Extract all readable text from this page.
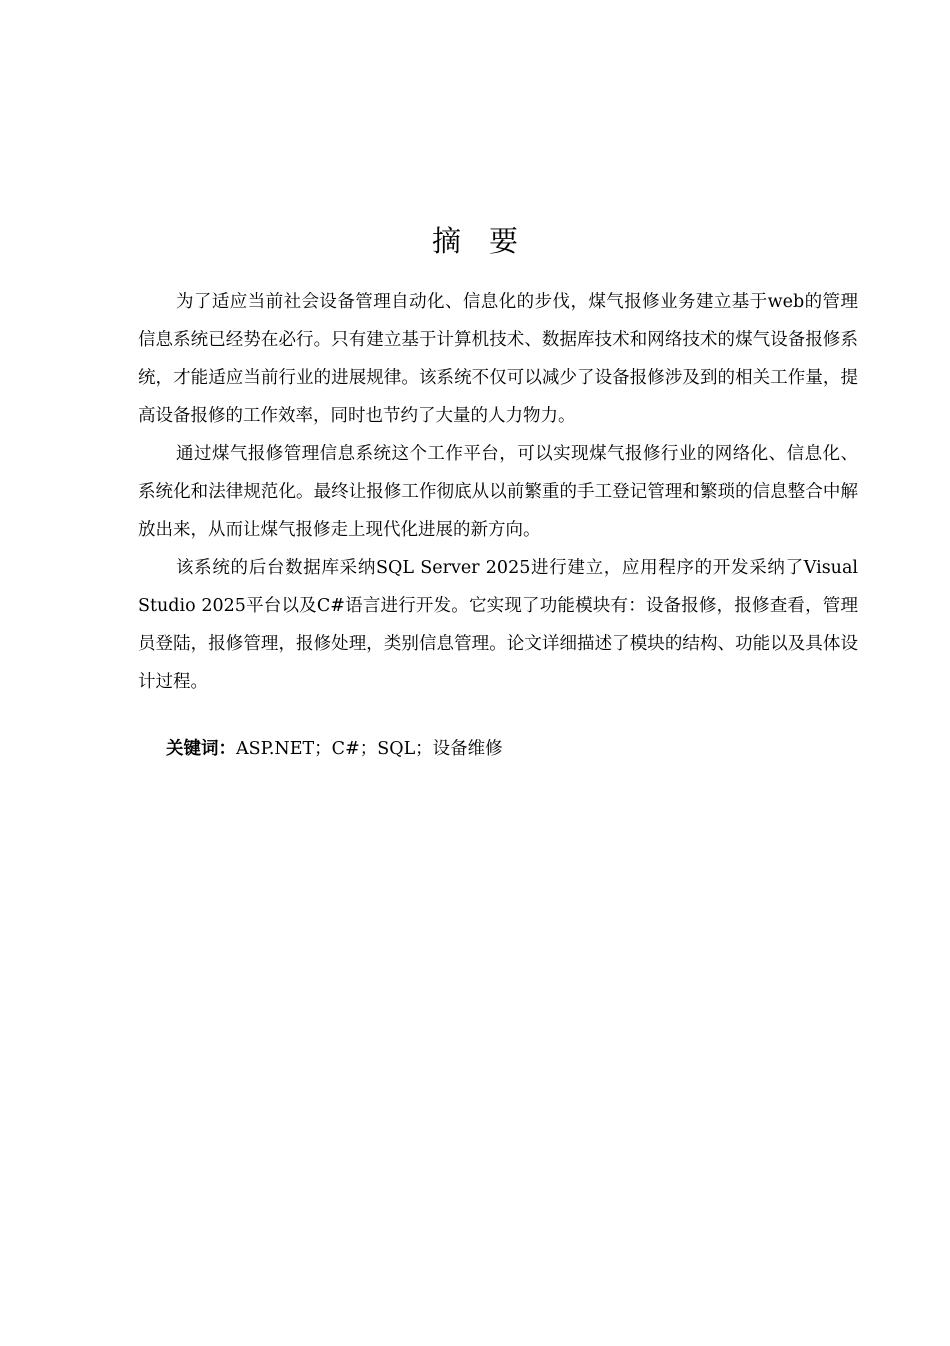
摘 要

为了适应当前社会设备管理自动化、信息化的步伐，煤气报修业务建立基于web的管理信息系统已经势在必行。只有建立基于计算机技术、数据库技术和网络技术的煤气设备报修系统，才能适应当前行业的进展规律。该系统不仅可以减少了设备报修涉及到的相关工作量，提高设备报修的工作效率，同时也节约了大量的人力物力。

通过煤气报修管理信息系统这个工作平台，可以实现煤气报修行业的网络化、信息化、系统化和法律规范化。最终让报修工作彻底从以前繁重的手工登记管理和繁琐的信息整合中解放出来，从而让煤气报修走上现代化进展的新方向。

该系统的后台数据库采纳SQL Server 2025进行建立，应用程序的开发采纳了Visual Studio 2025平台以及C#语言进行开发。它实现了功能模块有：设备报修，报修查看，管理员登陆，报修管理，报修处理，类别信息管理。论文详细描述了模块的结构、功能以及具体设计过程。

关键词：ASP.NET；C#；SQL；设备维修
